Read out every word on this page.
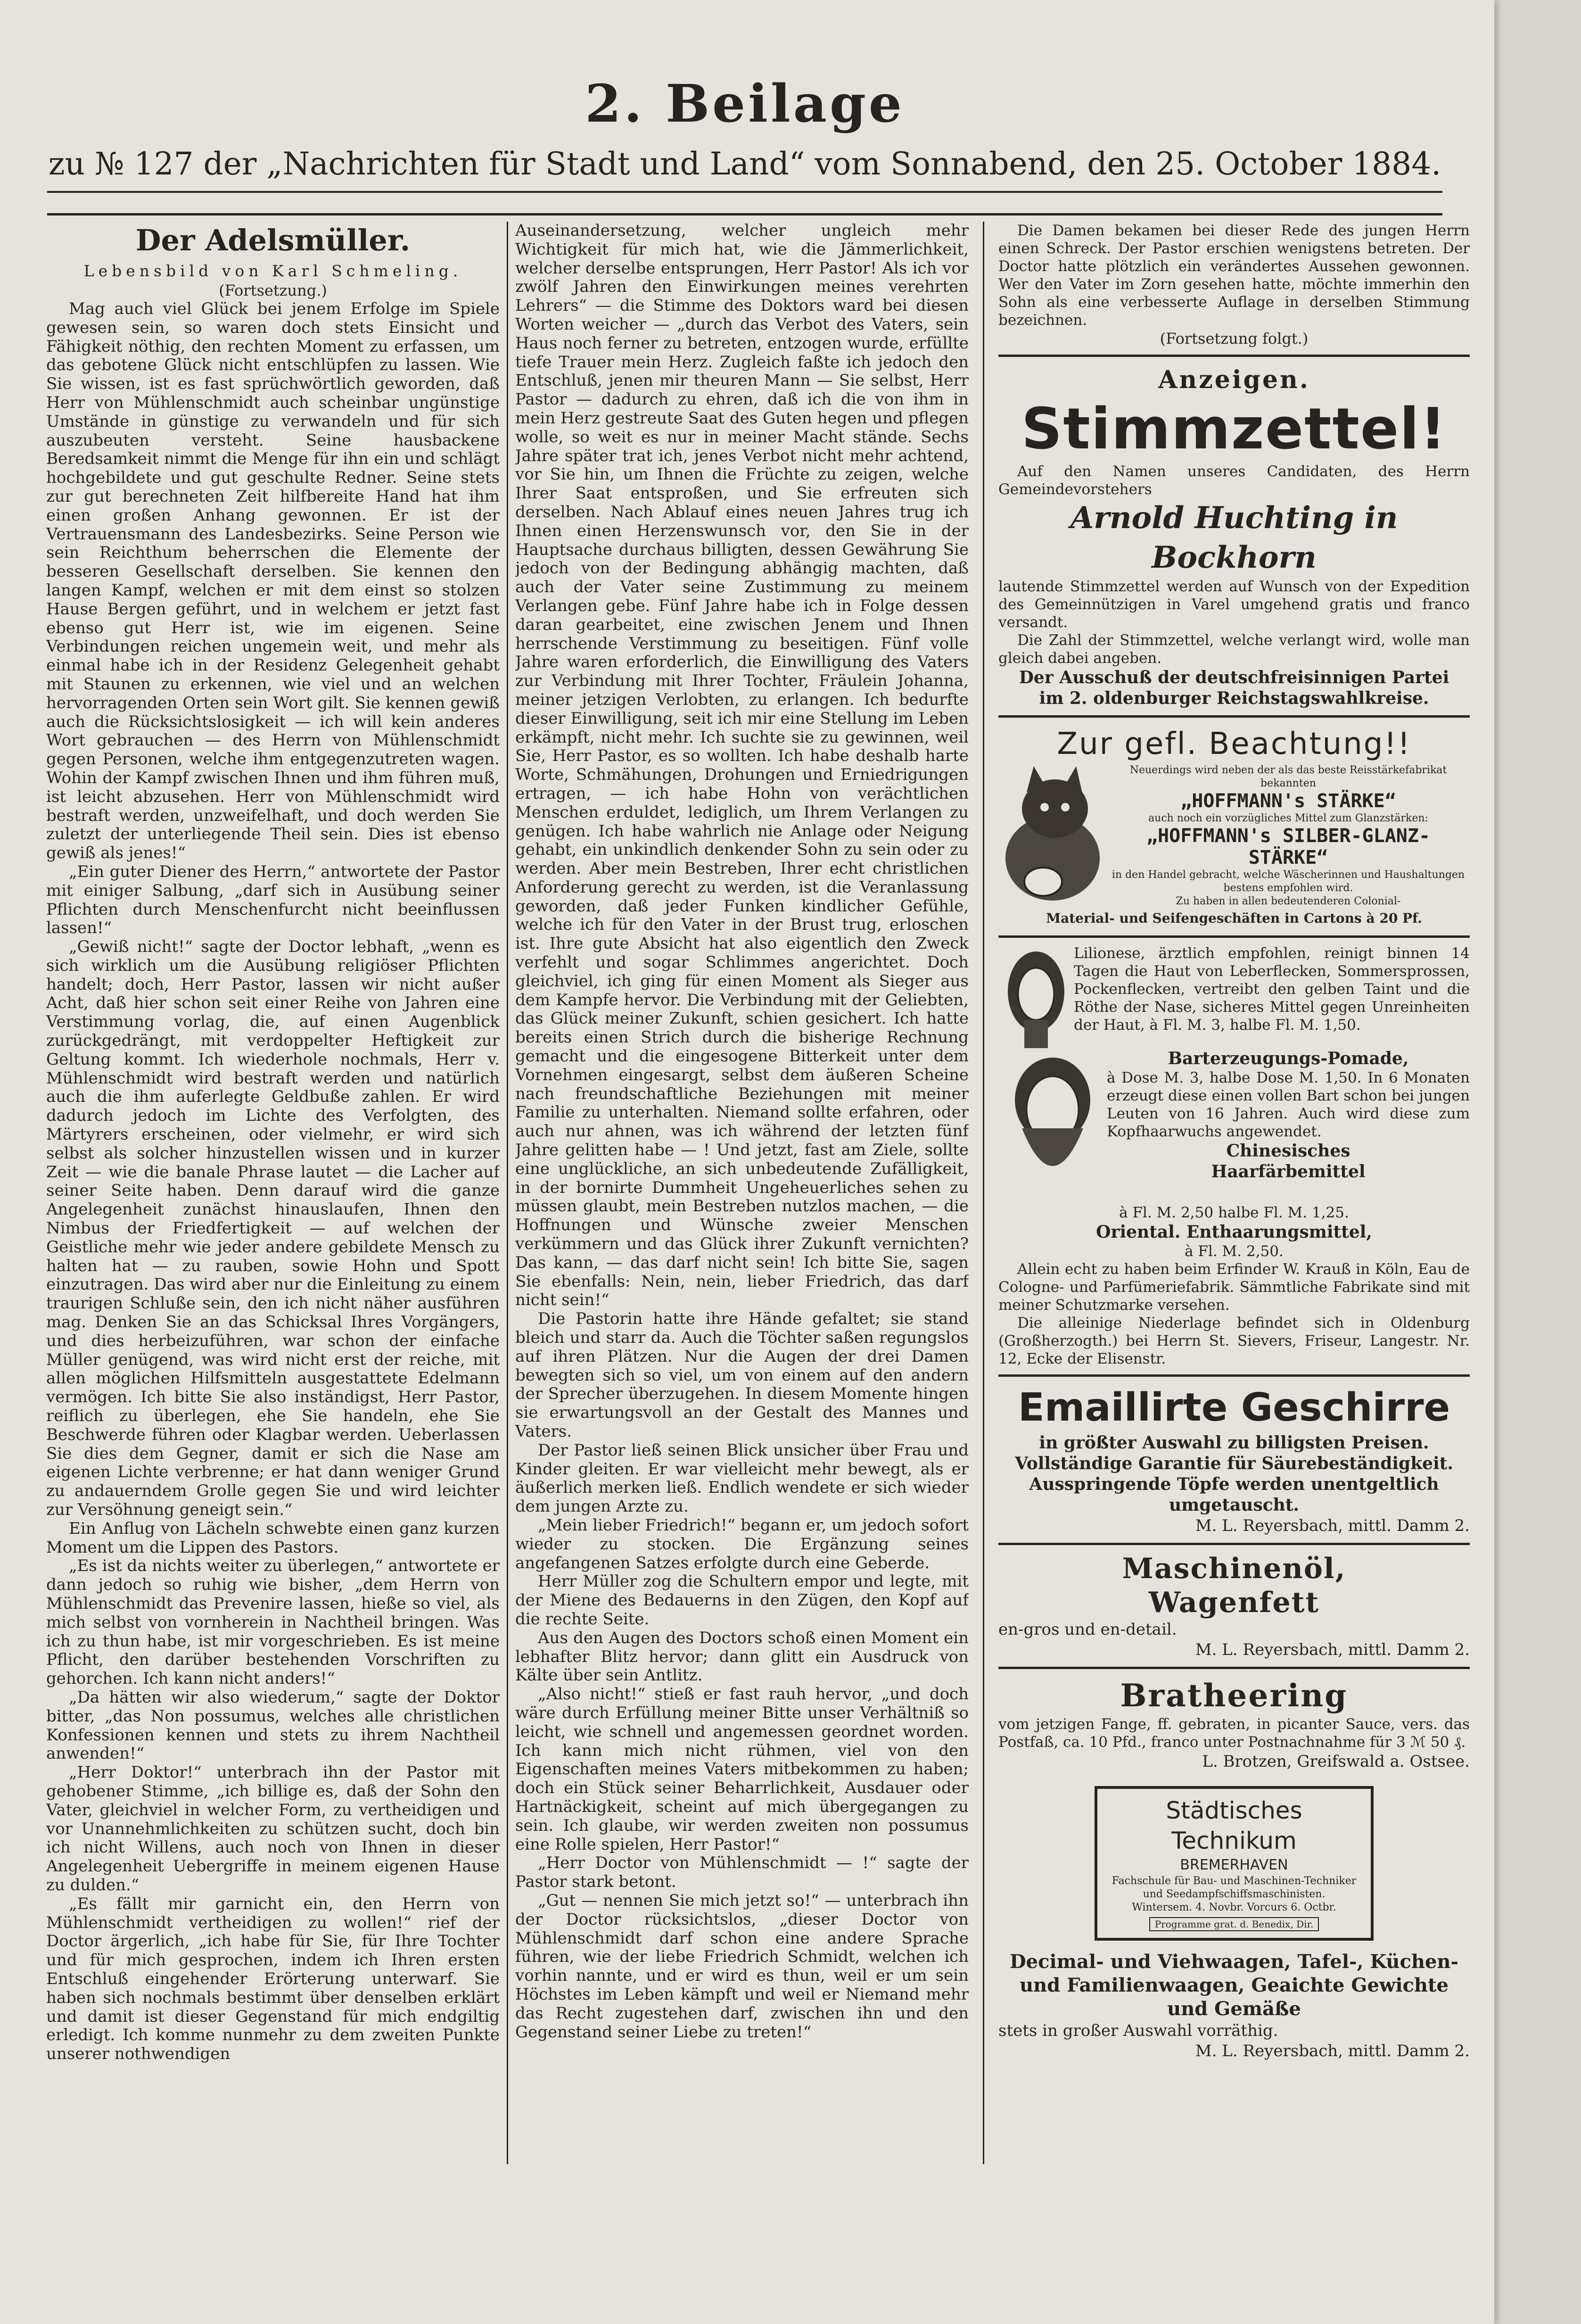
2. Beilage
zu № 127 der „Nachrichten für Stadt und Land“ vom Sonnabend, den 25. October 1884.
Der Adelsmüller.
Lebensbild von Karl Schmeling.
(Fortsetzung.)

Mag auch viel Glück bei jenem Erfolge im Spiele gewesen sein, so waren doch stets Einsicht und Fähigkeit nöthig, den rechten Moment zu erfassen, um das gebotene Glück nicht entschlüpfen zu lassen. Wie Sie wissen, ist es fast sprüchwörtlich geworden, daß Herr von Mühlenschmidt auch scheinbar ungünstige Umstände in günstige zu verwandeln und für sich auszubeuten versteht. Seine hausbackene Beredsamkeit nimmt die Menge für ihn ein und schlägt hochgebildete und gut geschulte Redner. Seine stets zur gut berechneten Zeit hilfbereite Hand hat ihm einen großen Anhang gewonnen. Er ist der Vertrauensmann des Landesbezirks. Seine Person wie sein Reichthum beherrschen die Elemente der besseren Gesellschaft derselben. Sie kennen den langen Kampf, welchen er mit dem einst so stolzen Hause Bergen geführt, und in welchem er jetzt fast ebenso gut Herr ist, wie im eigenen. Seine Verbindungen reichen ungemein weit, und mehr als einmal habe ich in der Residenz Gelegenheit gehabt mit Staunen zu erkennen, wie viel und an welchen hervorragenden Orten sein Wort gilt. Sie kennen gewiß auch die Rücksichtslosigkeit — ich will kein anderes Wort gebrauchen — des Herrn von Mühlenschmidt gegen Personen, welche ihm entgegenzutreten wagen. Wohin der Kampf zwischen Ihnen und ihm führen muß, ist leicht abzusehen. Herr von Mühlenschmidt wird bestraft werden, unzweifelhaft, und doch werden Sie zuletzt der unterliegende Theil sein. Dies ist ebenso gewiß als jenes!“

„Ein guter Diener des Herrn,“ antwortete der Pastor mit einiger Salbung, „darf sich in Ausübung seiner Pflichten durch Menschenfurcht nicht beeinflussen lassen!“

„Gewiß nicht!“ sagte der Doctor lebhaft, „wenn es sich wirklich um die Ausübung religiöser Pflichten handelt; doch, Herr Pastor, lassen wir nicht außer Acht, daß hier schon seit einer Reihe von Jahren eine Verstimmung vorlag, die, auf einen Augenblick zurückgedrängt, mit verdoppelter Heftigkeit zur Geltung kommt. Ich wiederhole nochmals, Herr v. Mühlenschmidt wird bestraft werden und natürlich auch die ihm auferlegte Geldbuße zahlen. Er wird dadurch jedoch im Lichte des Verfolgten, des Märtyrers erscheinen, oder vielmehr, er wird sich selbst als solcher hinzustellen wissen und in kurzer Zeit — wie die banale Phrase lautet — die Lacher auf seiner Seite haben. Denn darauf wird die ganze Angelegenheit zunächst hinauslaufen, Ihnen den Nimbus der Friedfertigkeit — auf welchen der Geistliche mehr wie jeder andere gebildete Mensch zu halten hat — zu rauben, sowie Hohn und Spott einzutragen. Das wird aber nur die Einleitung zu einem traurigen Schluße sein, den ich nicht näher ausführen mag. Denken Sie an das Schicksal Ihres Vorgängers, und dies herbeizuführen, war schon der einfache Müller genügend, was wird nicht erst der reiche, mit allen möglichen Hilfsmitteln ausgestattete Edelmann vermögen. Ich bitte Sie also inständigst, Herr Pastor, reiflich zu überlegen, ehe Sie handeln, ehe Sie Beschwerde führen oder Klagbar werden. Ueberlassen Sie dies dem Gegner, damit er sich die Nase am eigenen Lichte verbrenne; er hat dann weniger Grund zu andauerndem Grolle gegen Sie und wird leichter zur Versöhnung geneigt sein.“

Ein Anflug von Lächeln schwebte einen ganz kurzen Moment um die Lippen des Pastors.

„Es ist da nichts weiter zu überlegen,“ antwortete er dann jedoch so ruhig wie bisher, „dem Herrn von Mühlenschmidt das Prevenire lassen, hieße so viel, als mich selbst von vornherein in Nachtheil bringen. Was ich zu thun habe, ist mir vorgeschrieben. Es ist meine Pflicht, den darüber bestehenden Vorschriften zu gehorchen. Ich kann nicht anders!“

„Da hätten wir also wiederum,“ sagte der Doktor bitter, „das Non possumus, welches alle christlichen Konfessionen kennen und stets zu ihrem Nachtheil anwenden!“

„Herr Doktor!“ unterbrach ihn der Pastor mit gehobener Stimme, „ich billige es, daß der Sohn den Vater, gleichviel in welcher Form, zu vertheidigen und vor Unannehmlichkeiten zu schützen sucht, doch bin ich nicht Willens, auch noch von Ihnen in dieser Angelegenheit Uebergriffe in meinem eigenen Hause zu dulden.“

„Es fällt mir garnicht ein, den Herrn von Mühlenschmidt vertheidigen zu wollen!“ rief der Doctor ärgerlich, „ich habe für Sie, für Ihre Tochter und für mich gesprochen, indem ich Ihren ersten Entschluß eingehender Erörterung unterwarf. Sie haben sich nochmals bestimmt über denselben erklärt und damit ist dieser Gegenstand für mich endgiltig erledigt. Ich komme nunmehr zu dem zweiten Punkte unserer nothwendigen

Auseinandersetzung, welcher ungleich mehr Wichtigkeit für mich hat, wie die Jämmerlichkeit, welcher derselbe entsprungen, Herr Pastor! Als ich vor zwölf Jahren den Einwirkungen meines verehrten Lehrers“ — die Stimme des Doktors ward bei diesen Worten weicher — „durch das Verbot des Vaters, sein Haus noch ferner zu betreten, entzogen wurde, erfüllte tiefe Trauer mein Herz. Zugleich faßte ich jedoch den Entschluß, jenen mir theuren Mann — Sie selbst, Herr Pastor — dadurch zu ehren, daß ich die von ihm in mein Herz gestreute Saat des Guten hegen und pflegen wolle, so weit es nur in meiner Macht stände. Sechs Jahre später trat ich, jenes Verbot nicht mehr achtend, vor Sie hin, um Ihnen die Früchte zu zeigen, welche Ihrer Saat entsproßen, und Sie erfreuten sich derselben. Nach Ablauf eines neuen Jahres trug ich Ihnen einen Herzenswunsch vor, den Sie in der Hauptsache durchaus billigten, dessen Gewährung Sie jedoch von der Bedingung abhängig machten, daß auch der Vater seine Zustimmung zu meinem Verlangen gebe. Fünf Jahre habe ich in Folge dessen daran gearbeitet, eine zwischen Jenem und Ihnen herrschende Verstimmung zu beseitigen. Fünf volle Jahre waren erforderlich, die Einwilligung des Vaters zur Verbindung mit Ihrer Tochter, Fräulein Johanna, meiner jetzigen Verlobten, zu erlangen. Ich bedurfte dieser Einwilligung, seit ich mir eine Stellung im Leben erkämpft, nicht mehr. Ich suchte sie zu gewinnen, weil Sie, Herr Pastor, es so wollten. Ich habe deshalb harte Worte, Schmähungen, Drohungen und Erniedrigungen ertragen, — ich habe Hohn von verächtlichen Menschen erduldet, lediglich, um Ihrem Verlangen zu genügen. Ich habe wahrlich nie Anlage oder Neigung gehabt, ein unkindlich denkender Sohn zu sein oder zu werden. Aber mein Bestreben, Ihrer echt christlichen Anforderung gerecht zu werden, ist die Veranlassung geworden, daß jeder Funken kindlicher Gefühle, welche ich für den Vater in der Brust trug, erloschen ist. Ihre gute Absicht hat also eigentlich den Zweck verfehlt und sogar Schlimmes angerichtet. Doch gleichviel, ich ging für einen Moment als Sieger aus dem Kampfe hervor. Die Verbindung mit der Geliebten, das Glück meiner Zukunft, schien gesichert. Ich hatte bereits einen Strich durch die bisherige Rechnung gemacht und die eingesogene Bitterkeit unter dem Vornehmen eingesargt, selbst dem äußeren Scheine nach freundschaftliche Beziehungen mit meiner Familie zu unterhalten. Niemand sollte erfahren, oder auch nur ahnen, was ich während der letzten fünf Jahre gelitten habe — ! Und jetzt, fast am Ziele, sollte eine unglückliche, an sich unbedeutende Zufälligkeit, in der bornirte Dummheit Ungeheuerliches sehen zu müssen glaubt, mein Bestreben nutzlos machen, — die Hoffnungen und Wünsche zweier Menschen verkümmern und das Glück ihrer Zukunft vernichten? Das kann, — das darf nicht sein! Ich bitte Sie, sagen Sie ebenfalls: Nein, nein, lieber Friedrich, das darf nicht sein!“

Die Pastorin hatte ihre Hände gefaltet; sie stand bleich und starr da. Auch die Töchter saßen regungslos auf ihren Plätzen. Nur die Augen der drei Damen bewegten sich so viel, um von einem auf den andern der Sprecher überzugehen. In diesem Momente hingen sie erwartungsvoll an der Gestalt des Mannes und Vaters.

Der Pastor ließ seinen Blick unsicher über Frau und Kinder gleiten. Er war vielleicht mehr bewegt, als er äußerlich merken ließ. Endlich wendete er sich wieder dem jungen Arzte zu.

„Mein lieber Friedrich!“ begann er, um jedoch sofort wieder zu stocken. Die Ergänzung seines angefangenen Satzes erfolgte durch eine Geberde.

Herr Müller zog die Schultern empor und legte, mit der Miene des Bedauerns in den Zügen, den Kopf auf die rechte Seite.

Aus den Augen des Doctors schoß einen Moment ein lebhafter Blitz hervor; dann glitt ein Ausdruck von Kälte über sein Antlitz.

„Also nicht!“ stieß er fast rauh hervor, „und doch wäre durch Erfüllung meiner Bitte unser Verhältniß so leicht, wie schnell und angemessen geordnet worden. Ich kann mich nicht rühmen, viel von den Eigenschaften meines Vaters mitbekommen zu haben; doch ein Stück seiner Beharrlichkeit, Ausdauer oder Hartnäckigkeit, scheint auf mich übergegangen zu sein. Ich glaube, wir werden zweiten non possumus eine Rolle spielen, Herr Pastor!“

„Herr Doctor von Mühlenschmidt — !“ sagte der Pastor stark betont.

„Gut — nennen Sie mich jetzt so!“ — unterbrach ihn der Doctor rücksichtslos, „dieser Doctor von Mühlenschmidt darf schon eine andere Sprache führen, wie der liebe Friedrich Schmidt, welchen ich vorhin nannte, und er wird es thun, weil er um sein Höchstes im Leben kämpft und weil er Niemand mehr das Recht zugestehen darf, zwischen ihn und den Gegenstand seiner Liebe zu treten!“

Die Damen bekamen bei dieser Rede des jungen Herrn einen Schreck. Der Pastor erschien wenigstens betreten. Der Doctor hatte plötzlich ein verändertes Aussehen gewonnen. Wer den Vater im Zorn gesehen hatte, möchte immerhin den Sohn als eine verbesserte Auflage in derselben Stimmung bezeichnen.

(Fortsetzung folgt.)
Anzeigen.
Stimmzettel!

Auf den Namen unseres Candidaten, des Herrn Gemeindevorstehers

Arnold Huchting in Bockhorn

lautende Stimmzettel werden auf Wunsch von der Expedition des Gemeinnützigen in Varel umgehend gratis und franco versandt.

Die Zahl der Stimmzettel, welche verlangt wird, wolle man gleich dabei angeben.

Der Ausschuß der deutschfreisinnigen Partei
im 2. oldenburger Reichstagswahlkreise.
Zur gefl. Beachtung!!
Neuerdings wird neben der als das beste Reisstärkefabrikat bekannten
„HOFFMANN's STÄRKE“
auch noch ein vorzügliches Mittel zum Glanzstärken:
„HOFFMANN's SILBER-GLANZ-STÄRKE“
in den Handel gebracht, welche Wäscherinnen und Haushaltungen bestens empfohlen wird.
Zu haben in allen bedeutenderen Colonial-
Material- und Seifengeschäften in Cartons à 20 Pf.

Lilionese, ärztlich empfohlen, reinigt binnen 14 Tagen die Haut von Leberflecken, Sommersprossen, Pockenflecken, vertreibt den gelben Taint und die Röthe der Nase, sicheres Mittel gegen Unreinheiten der Haut, à Fl. M. 3, halbe Fl. M. 1,50.

Barterzeugungs-Pomade,

à Dose M. 3, halbe Dose M. 1,50. In 6 Monaten erzeugt diese einen vollen Bart schon bei jungen Leuten von 16 Jahren. Auch wird diese zum Kopfhaarwuchs angewendet.

Chinesisches
Haarfärbemittel
à Fl. M. 2,50 halbe Fl. M. 1,25.
Oriental. Enthaarungsmittel,
à Fl. M. 2,50.

Allein echt zu haben beim Erfinder W. Krauß in Köln, Eau de Cologne- und Parfümeriefabrik. Sämmtliche Fabrikate sind mit meiner Schutzmarke versehen.

Die alleinige Niederlage befindet sich in Oldenburg (Großherzogth.) bei Herrn St. Sievers, Friseur, Langestr. Nr. 12, Ecke der Elisenstr.

Emaillirte Geschirre
in größter Auswahl zu billigsten Preisen.
Vollständige Garantie für Säurebeständigkeit. Ausspringende Töpfe werden unentgeltlich umgetauscht.
M. L. Reyersbach, mittl. Damm 2.
Maschinenöl,
Wagenfett
en-gros und en-detail.
M. L. Reyersbach, mittl. Damm 2.
Bratheering

vom jetzigen Fange, ff. gebraten, in picanter Sauce, vers. das Postfaß, ca. 10 Pfd., franco unter Postnachnahme für 3 ℳ 50 ₰.

L. Brotzen, Greifswald a. Ostsee.
Städtisches Technikum
BREMERHAVEN
Fachschule für Bau- und Maschinen-Techniker und Seedampfschiffsmaschinisten.
Wintersem. 4. Novbr. Vorcurs 6. Octbr.
Programme grat. d. Benedix, Dir.
Decimal- und Viehwaagen, Tafel-, Küchen- und Familienwaagen, Geaichte Gewichte und Gemäße
stets in großer Auswahl vorräthig.
M. L. Reyersbach, mittl. Damm 2.
